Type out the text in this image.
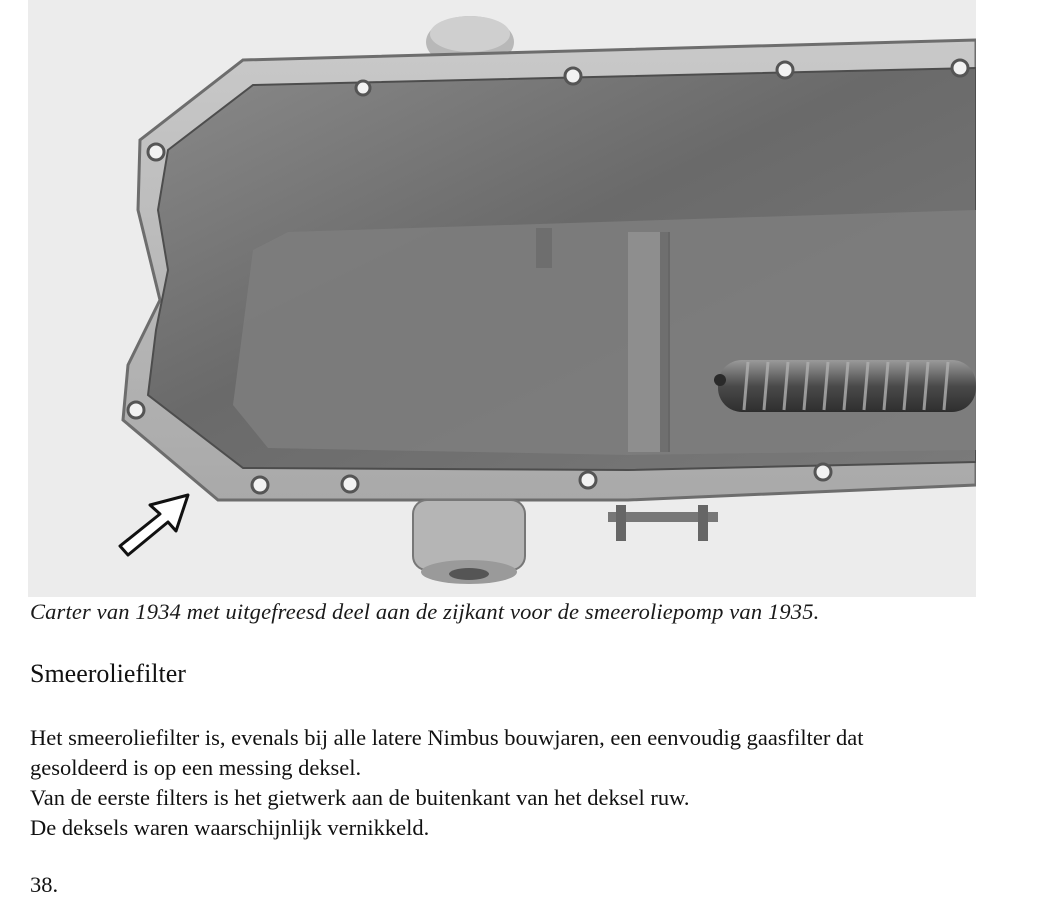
Carter van 1934 met uitgefreesd deel aan de zijkant voor de smeeroliepomp van 1935.
Smeeroliefilter

Het smeeroliefilter is, evenals bij alle latere Nimbus bouwjaren, een eenvoudig gaasfilter dat

gesoldeerd is op een messing deksel.

Van de eerste filters is het gietwerk aan de buitenkant van het deksel ruw.

De deksels waren waarschijnlijk vernikkeld.

38.
